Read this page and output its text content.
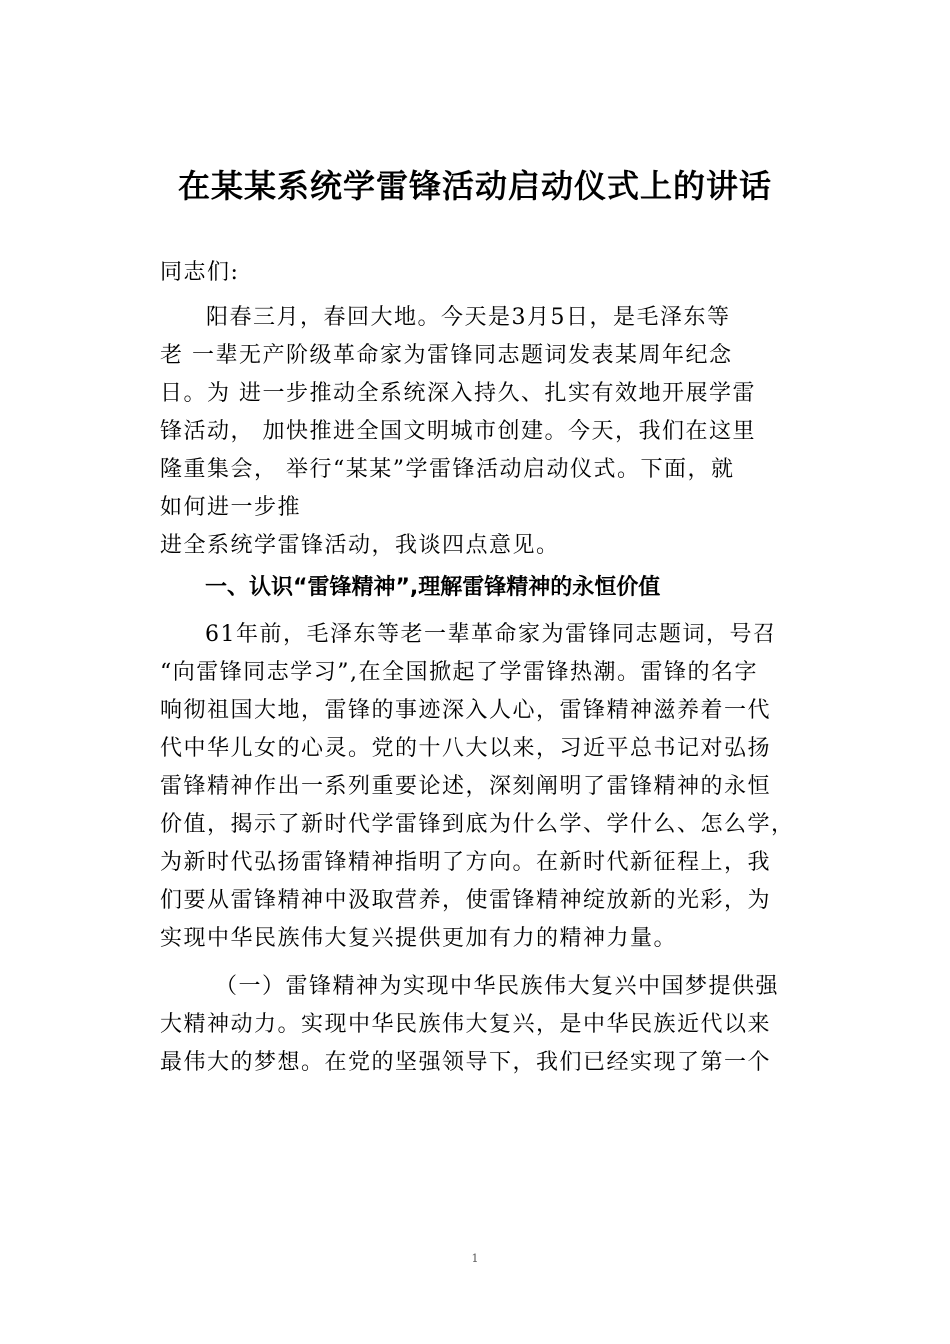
在某某系统学雷锋活动启动仪式上的讲话

同志们:

阳春三月，春回大地。今天是3月5日，是毛泽东等

老 一辈无产阶级革命家为雷锋同志题词发表某周年纪念

日。为 进一步推动全系统深入持久、扎实有效地开展学雷

锋活动， 加快推进全国文明城市创建。今天，我们在这里

隆重集会， 举行“某某”学雷锋活动启动仪式。下面，就

如何进一步推

进全系统学雷锋活动，我谈四点意见。

一、认识“雷锋精神”,理解雷锋精神的永恒价值

61年前，毛泽东等老一辈革命家为雷锋同志题词，号召

“向雷锋同志学习”,在全国掀起了学雷锋热潮。雷锋的名字

响彻祖国大地，雷锋的事迹深入人心，雷锋精神滋养着一代

代中华儿女的心灵。党的十八大以来，习近平总书记对弘扬

雷锋精神作出一系列重要论述，深刻阐明了雷锋精神的永恒

价值，揭示了新时代学雷锋到底为什么学、学什么、怎么学，

为新时代弘扬雷锋精神指明了方向。在新时代新征程上，我

们要从雷锋精神中汲取营养，使雷锋精神绽放新的光彩，为

实现中华民族伟大复兴提供更加有力的精神力量。

（一）雷锋精神为实现中华民族伟大复兴中国梦提供强

大精神动力。实现中华民族伟大复兴，是中华民族近代以来

最伟大的梦想。在党的坚强领导下，我们已经实现了第一个

1
